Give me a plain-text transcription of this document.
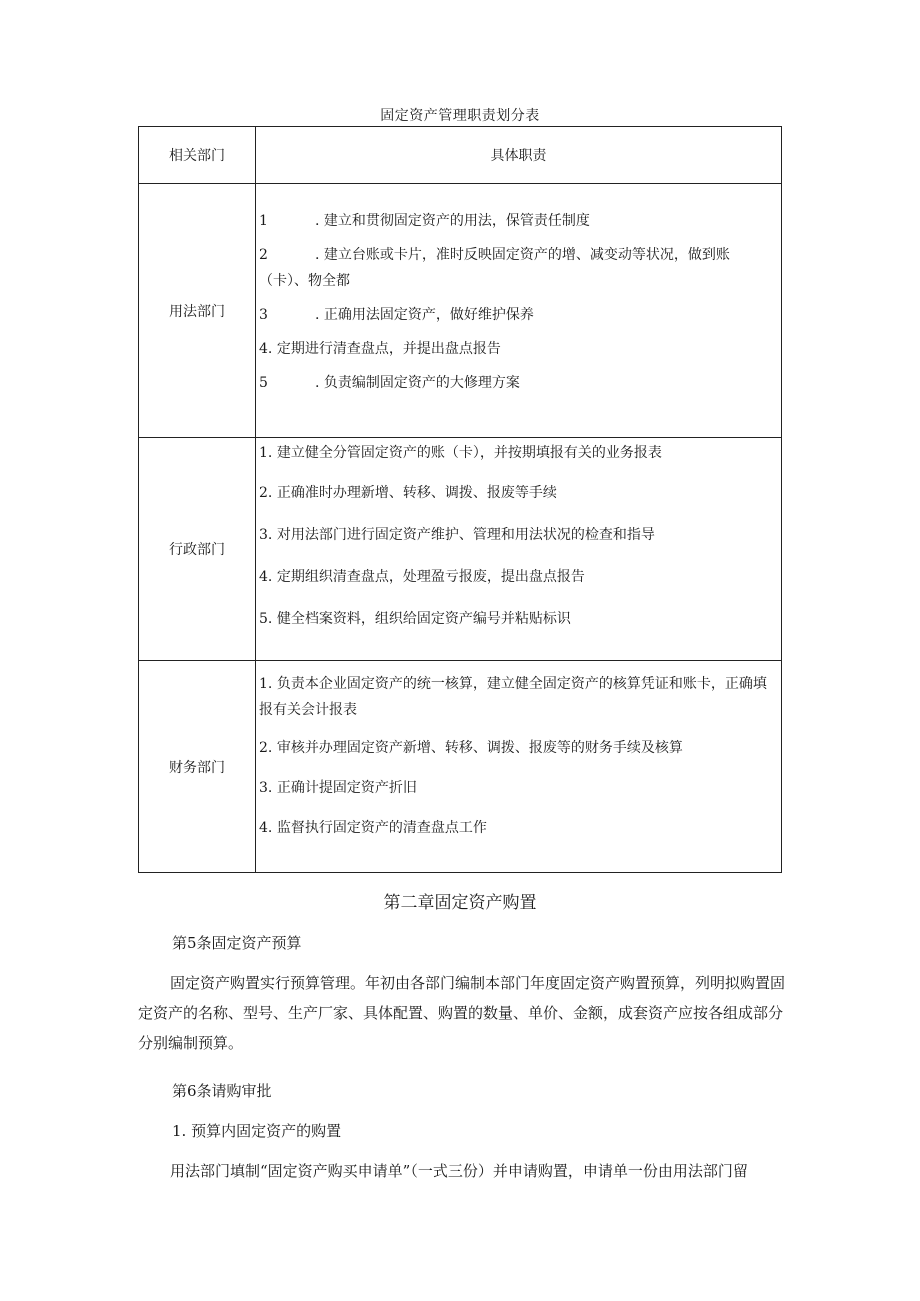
固定资产管理职责划分表
相关部门	具体职责
用法部门	1 . 建立和贯彻固定资产的用法，保管责任制度
2 . 建立台账或卡片，准时反映固定资产的增、减变动等状况，做到账（卡）、物全都
3 . 正确用法固定资产，做好维护保养
4. 定期进行清查盘点，并提出盘点报告
5 . 负责编制固定资产的大修理方案

行政部门	1. 建立健全分管固定资产的账（卡），并按期填报有关的业务报表
2. 正确准时办理新增、转移、调拨、报废等手续
3. 对用法部门进行固定资产维护、管理和用法状况的检查和指导
4. 定期组织清查盘点，处理盈亏报废，提出盘点报告
5. 健全档案资料，组织给固定资产编号并粘贴标识

财务部门	1. 负责本企业固定资产的统一核算，建立健全固定资产的核算凭证和账卡，正确填报有关会计报表
2. 审核并办理固定资产新增、转移、调拨、报废等的财务手续及核算
3. 正确计提固定资产折旧
4. 监督执行固定资产的清查盘点工作
第二章固定资产购置
第5条固定资产预算
固定资产购置实行预算管理。年初由各部门编制本部门年度固定资产购置预算，列明拟购置固定资产的名称、型号、生产厂家、具体配置、购置的数量、单价、金额，成套资产应按各组成部分分别编制预算。
第6条请购审批
1. 预算内固定资产的购置
用法部门填制“固定资产购买申请单”（一式三份）并申请购置，申请单一份由用法部门留
